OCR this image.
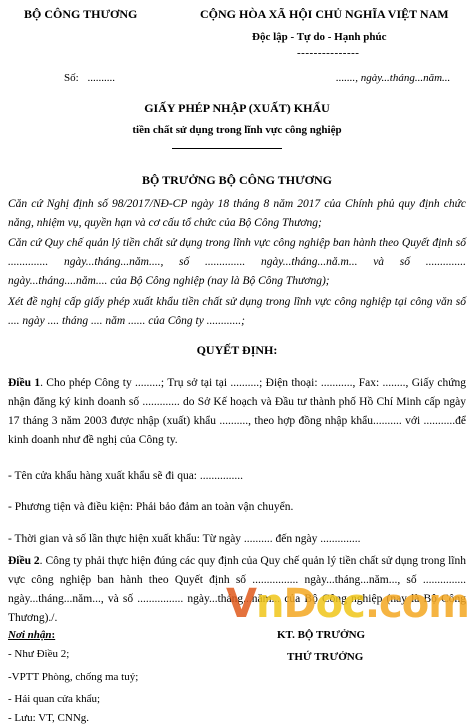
BỘ CÔNG THƯƠNG	CỘNG HÒA XÃ HỘI CHỦ NGHĨA VIỆT NAM
Độc lập - Tự do - Hạnh phúc
---------------
Số: ..........	......., ngày...tháng...năm...
GIẤY PHÉP NHẬP (XUẤT) KHẨU
tiền chất sử dụng trong lĩnh vực công nghiệp
BỘ TRƯỞNG BỘ CÔNG THƯƠNG
Căn cứ Nghị định số 98/2017/NĐ-CP ngày 18 tháng 8 năm 2017 của Chính phủ quy định chức năng, nhiệm vụ, quyền hạn và cơ cấu tổ chức của Bộ Công Thương;
Căn cứ Quy chế quản lý tiền chất sử dụng trong lĩnh vực công nghiệp ban hành theo Quyết định số .............. ngày...tháng...năm...., số .............. ngày...tháng...nă.m... và số .............. ngày...tháng....năm.... của Bộ Công nghiệp (nay là Bộ Công Thương);
Xét đề nghị cấp giấy phép xuất khẩu tiền chất sử dụng trong lĩnh vực công nghiệp tại công văn số .... ngày .... tháng .... năm ...... của Công ty ............;
QUYẾT ĐỊNH:
Điều 1. Cho phép Công ty .........; Trụ sở tại tại ..........; Điện thoại: ..........., Fax: ........, Giấy chứng nhận đăng ký kinh doanh số ............. do Sở Kế hoạch và Đầu tư thành phố Hồ Chí Minh cấp ngày 17 tháng 3 năm 2003 được nhập (xuất) khẩu .........., theo hợp đồng nhập khẩu.......... với ...........để kinh doanh như đề nghị của Công ty.
- Tên cửa khẩu hàng xuất khẩu sẽ đi qua: ...............
- Phương tiện và điều kiện: Phải bảo đảm an toàn vận chuyển.
- Thời gian và số lần thực hiện xuất khẩu: Từ ngày .......... đến ngày ..............
Điều 2. Công ty phải thực hiện đúng các quy định của Quy chế quản lý tiền chất sử dụng trong lĩnh vực công nghiệp ban hành theo Quyết định số ................ ngày...tháng...năm..., số ............... ngày...tháng...năm..., và số ................ ngày...tháng...năm... của Bộ Công nghiệp (nay là Bộ Công Thương)./.
Nơi nhận:
- Như Điều 2;
-VPTT Phòng, chống ma tuý;
- Hải quan cửa khẩu;
- Lưu: VT, CNNg.
KT. BỘ TRƯỞNG
THỨ TRƯỞNG
VnDoc.com
